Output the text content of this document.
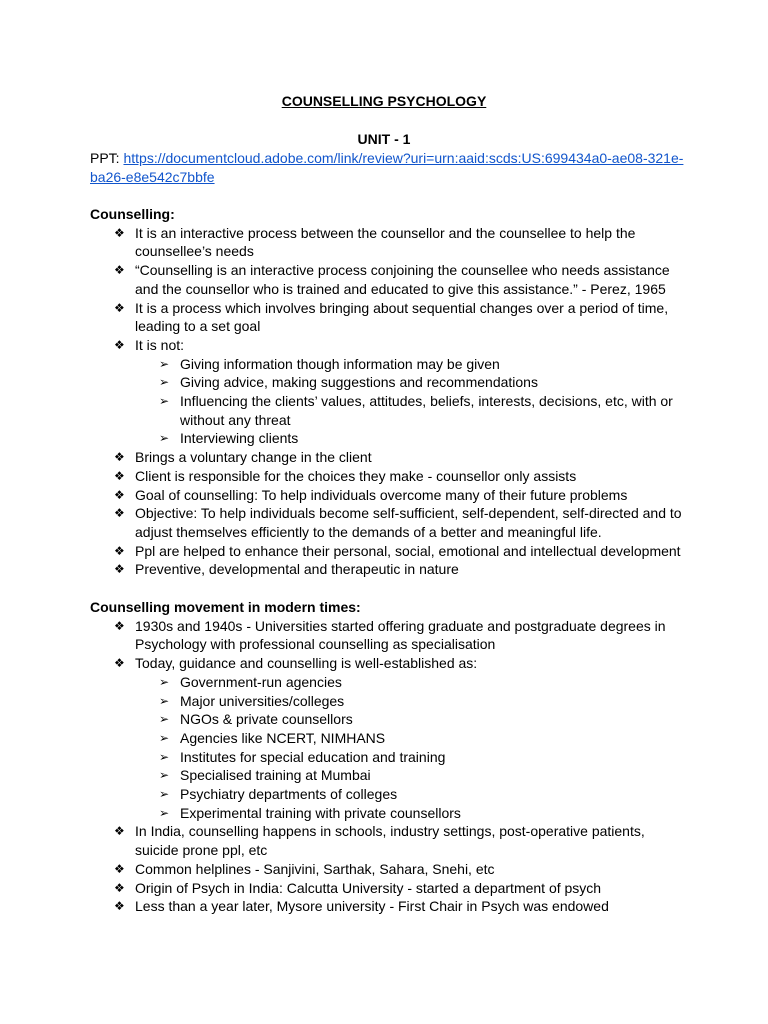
COUNSELLING PSYCHOLOGY
UNIT - 1
PPT: https://documentcloud.adobe.com/link/review?uri=urn:aaid:scds:US:699434a0-ae08-321e-ba26-e8e542c7bbfe
Counselling:
❖ It is an interactive process between the counsellor and the counsellee to help the counsellee’s needs
❖ “Counselling is an interactive process conjoining the counsellee who needs assistance and the counsellor who is trained and educated to give this assistance.” - Perez, 1965
❖ It is a process which involves bringing about sequential changes over a period of time, leading to a set goal
❖ It is not:
➢ Giving information though information may be given
➢ Giving advice, making suggestions and recommendations
➢ Influencing the clients’ values, attitudes, beliefs, interests, decisions, etc, with or without any threat
➢ Interviewing clients
❖ Brings a voluntary change in the client
❖ Client is responsible for the choices they make - counsellor only assists
❖ Goal of counselling: To help individuals overcome many of their future problems
❖ Objective: To help individuals become self-sufficient, self-dependent, self-directed and to adjust themselves efficiently to the demands of a better and meaningful life.
❖ Ppl are helped to enhance their personal, social, emotional and intellectual development
❖ Preventive, developmental and therapeutic in nature
Counselling movement in modern times:
❖ 1930s and 1940s - Universities started offering graduate and postgraduate degrees in Psychology with professional counselling as specialisation
❖ Today, guidance and counselling is well-established as:
➢ Government-run agencies
➢ Major universities/colleges
➢ NGOs & private counsellors
➢ Agencies like NCERT, NIMHANS
➢ Institutes for special education and training
➢ Specialised training at Mumbai
➢ Psychiatry departments of colleges
➢ Experimental training with private counsellors
❖ In India, counselling happens in schools, industry settings, post-operative patients, suicide prone ppl, etc
❖ Common helplines - Sanjivini, Sarthak, Sahara, Snehi, etc
❖ Origin of Psych in India: Calcutta University - started a department of psych
❖ Less than a year later, Mysore university - First Chair in Psych was endowed
